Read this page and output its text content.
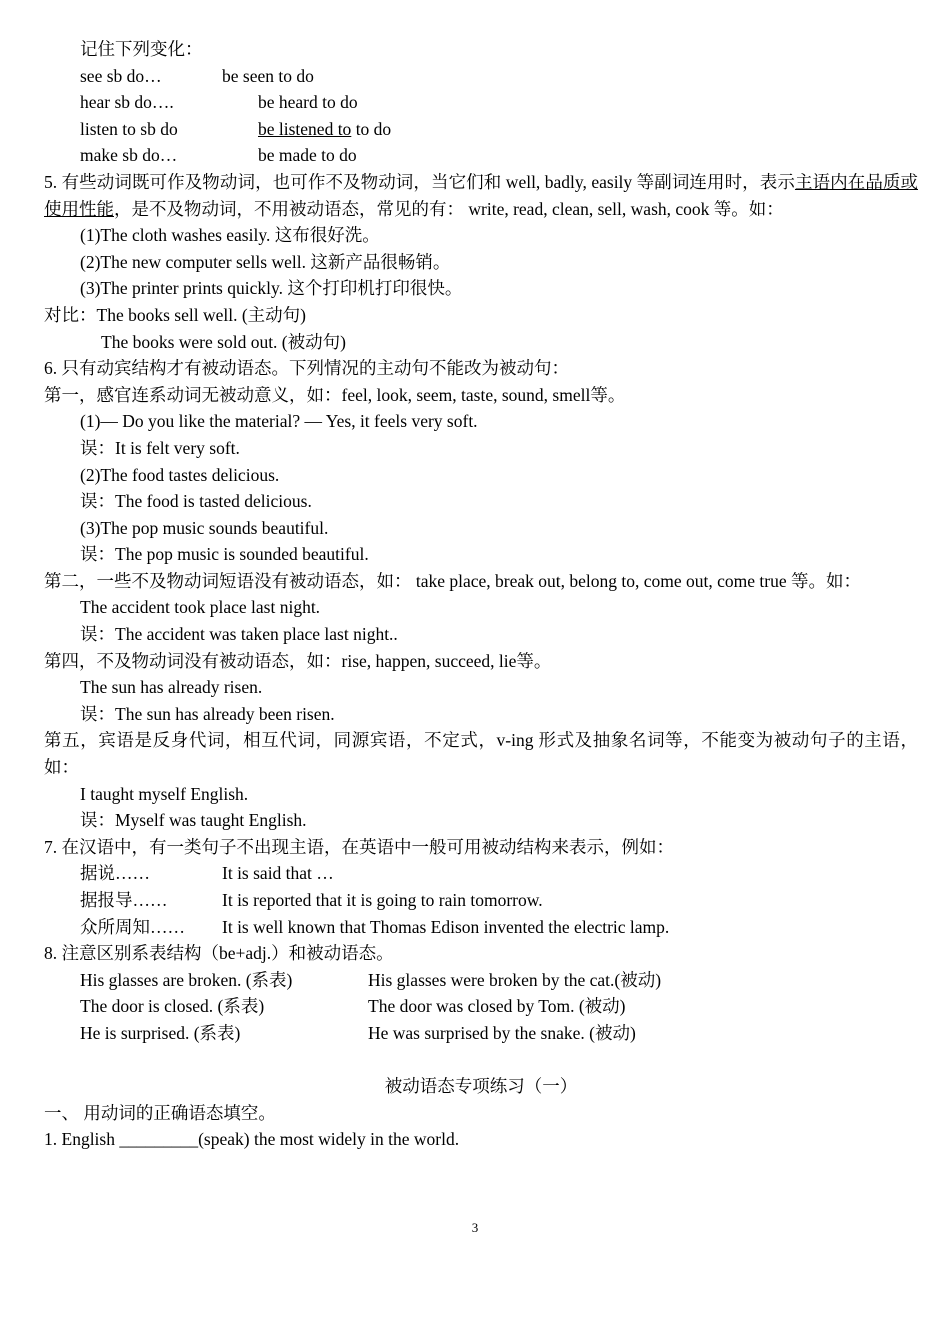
记住下列变化：
see sb do…	be seen to do
hear sb do….	be heard to do
listen to sb do	be listened to to do
make sb do…	be made to do
5. 有些动词既可作及物动词，也可作不及物动词，当它们和 well, badly, easily 等副词连用时，表示主语内在品质或使用性能，是不及物动词，不用被动语态，常见的有： write, read, clean, sell, wash, cook 等。如：
(1)The cloth washes easily. 这布很好洗。
(2)The new computer sells well. 这新产品很畅销。
(3)The printer prints quickly. 这个打印机打印很快。
对比：The books sell well. (主动句)
The books were sold out. (被动句)
6. 只有动宾结构才有被动语态。下列情况的主动句不能改为被动句：
第一，感官连系动词无被动意义，如：feel, look, seem, taste, sound, smell等。
(1)— Do you like the material? — Yes, it feels very soft.
误：It is felt very soft.
(2)The food tastes delicious.
误：The food is tasted delicious.
(3)The pop music sounds beautiful.
误：The pop music is sounded beautiful.
第二，一些不及物动词短语没有被动语态，如： take place, break out, belong to, come out, come true 等。如：
The accident took place last night.
误：The accident was taken place last night..
第四，不及物动词没有被动语态，如：rise, happen, succeed, lie等。
The sun has already risen.
误：The sun has already been risen.
第五，宾语是反身代词，相互代词，同源宾语，不定式，v-ing 形式及抽象名词等，不能变为被动句子的主语，如：
I taught myself English.
误：Myself was taught English.
7. 在汉语中，有一类句子不出现主语，在英语中一般可用被动结构来表示，例如：
据说……	It is said that …
据报导……	It is reported that it is going to rain tomorrow.
众所周知…… It is well known that Thomas Edison invented the electric lamp.
8. 注意区别系表结构（be+adj.）和被动语态。
His glasses are broken. (系表)	His glasses were broken by the cat.(被动)
The door is closed. (系表)	The door was closed by Tom. (被动)
He is surprised. (系表)	He was surprised by the snake. (被动)
被动语态专项练习（一）
一、 用动词的正确语态填空。
1. English _________(speak) the most widely in the world.
3
